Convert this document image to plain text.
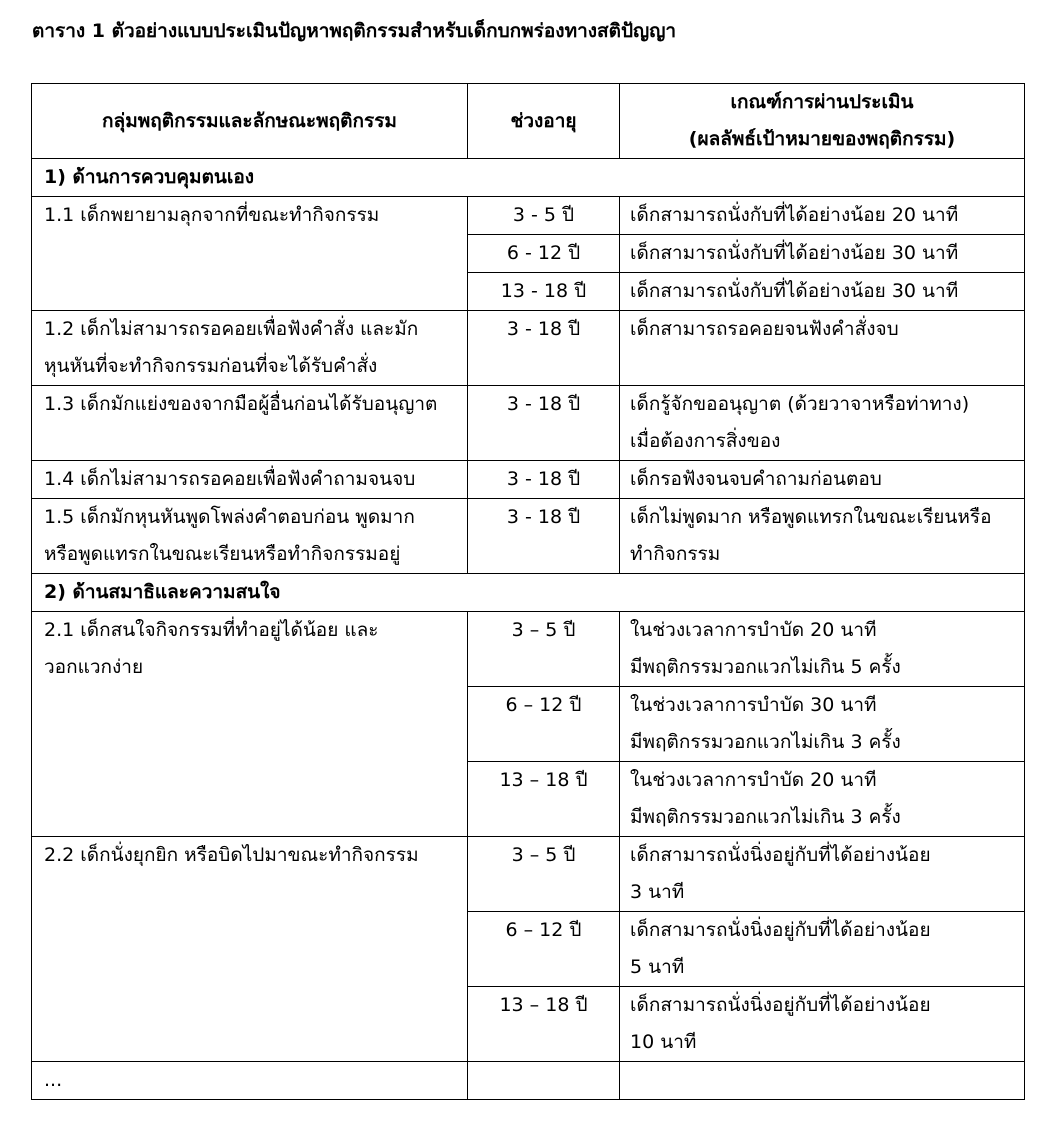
ตาราง 1 ตัวอย่างแบบประเมินปัญหาพฤติกรรมสำหรับเด็กบกพร่องทางสติปัญญา
กลุ่มพฤติกรรมและลักษณะพฤติกรรม	ช่วงอายุ	เกณฑ์การผ่านประเมิน
(ผลลัพธ์เป้าหมายของพฤติกรรม)

1) ด้านการควบคุมตนเอง		

1.1 เด็กพยายามลุกจากที่ขณะทำกิจกรรม	3 - 5 ปี	เด็กสามารถนั่งกับที่ได้อย่างน้อย 20 นาที

	6 - 12 ปี	เด็กสามารถนั่งกับที่ได้อย่างน้อย 30 นาที

	13 - 18 ปี	เด็กสามารถนั่งกับที่ได้อย่างน้อย 30 นาที

1.2 เด็กไม่สามารถรอคอยเพื่อฟังคำสั่ง และมัก
หุนหันที่จะทำกิจกรรมก่อนที่จะได้รับคำสั่ง	3 - 18 ปี	เด็กสามารถรอคอยจนฟังคำสั่งจบ

1.3 เด็กมักแย่งของจากมือผู้อื่นก่อนได้รับอนุญาต	3 - 18 ปี	เด็กรู้จักขออนุญาต (ด้วยวาจาหรือท่าทาง)
เมื่อต้องการสิ่งของ

1.4 เด็กไม่สามารถรอคอยเพื่อฟังคำถามจนจบ	3 - 18 ปี	เด็กรอฟังจนจบคำถามก่อนตอบ

1.5 เด็กมักหุนหันพูดโพล่งคำตอบก่อน พูดมาก
หรือพูดแทรกในขณะเรียนหรือทำกิจกรรมอยู่	3 - 18 ปี	เด็กไม่พูดมาก หรือพูดแทรกในขณะเรียนหรือ
ทำกิจกรรม

2) ด้านสมาธิและความสนใจ		

2.1 เด็กสนใจกิจกรรมที่ทำอยู่ได้น้อย และ
วอกแวกง่าย	3 – 5 ปี	ในช่วงเวลาการบำบัด 20 นาที
มีพฤติกรรมวอกแวกไม่เกิน 5 ครั้ง

	6 – 12 ปี	ในช่วงเวลาการบำบัด 30 นาที
มีพฤติกรรมวอกแวกไม่เกิน 3 ครั้ง

	13 – 18 ปี	ในช่วงเวลาการบำบัด 20 นาที
มีพฤติกรรมวอกแวกไม่เกิน 3 ครั้ง

2.2 เด็กนั่งยุกยิก หรือบิดไปมาขณะทำกิจกรรม	3 – 5 ปี	เด็กสามารถนั่งนิ่งอยู่กับที่ได้อย่างน้อย
3 นาที

	6 – 12 ปี	เด็กสามารถนั่งนิ่งอยู่กับที่ได้อย่างน้อย
5 นาที

	13 – 18 ปี	เด็กสามารถนั่งนิ่งอยู่กับที่ได้อย่างน้อย
10 นาที

...		
